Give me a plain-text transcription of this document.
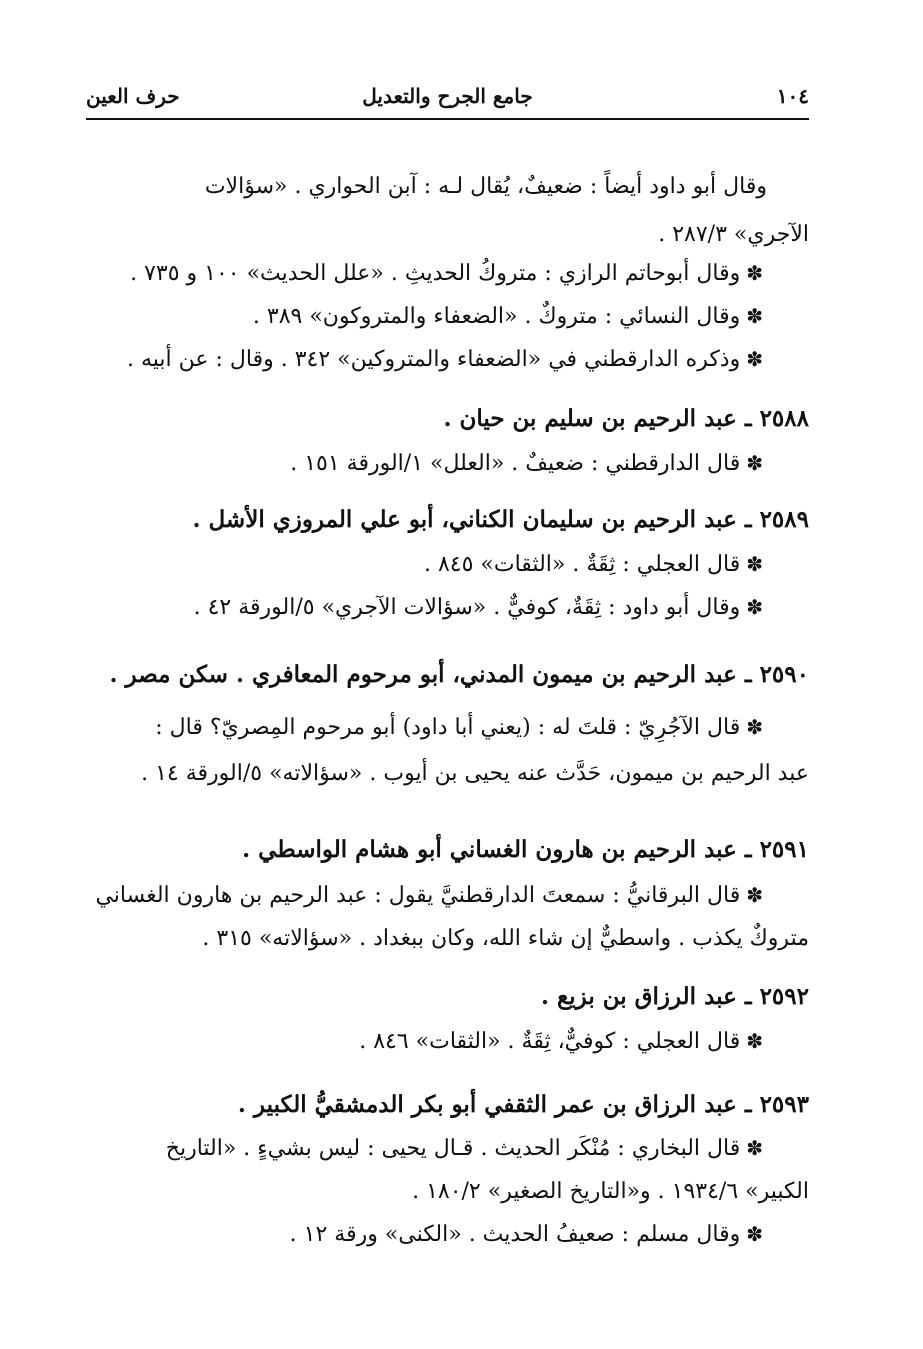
١٠٤
جامع الجرح والتعديل
حرف العين
وقال أبو داود أيضاً : ضعيفٌ، يُقال لـه : آبن الحواري . «سؤالات
الآجري» ٢٨٧/٣ .
✽وقال أبوحاتم الرازي : متروكُ الحديثِ . «علل الحديث» ١٠٠ و ٧٣٥ .
✽وقال النسائي : متروكٌ . «الضعفاء والمتروكون» ٣٨٩ .
✽وذكره الدارقطني في «الضعفاء والمتروكين» ٣٤٢ . وقال : عن أبيه .
٢٥٨٨ ـ عبد الرحيم بن سليم بن حيان .
✽قال الدارقطني : ضعيفٌ . «العلل» ١/الورقة ١٥١ .
٢٥٨٩ ـ عبد الرحيم بن سليمان الكناني، أبو علي المروزي الأشل .
✽قال العجلي : ثِقَةٌ . «الثقات» ٨٤٥ .
✽وقال أبو داود : ثِقَةٌ، كوفيٌّ . «سؤالات الآجري» ٥/الورقة ٤٢ .
٢٥٩٠ ـ عبد الرحيم بن ميمون المدني، أبو مرحوم المعافري . سكن مصر .
✽قال الآجُرِيّ : قلتَ له : (يعني أبا داود) أبو مرحوم المِصريّ؟ قال :
عبد الرحيم بن ميمون، حَدَّث عنه يحيى بن أيوب . «سؤالاته» ٥/الورقة ١٤ .
٢٥٩١ ـ عبد الرحيم بن هارون الغساني أبو هشام الواسطي .
✽قال البرقانيُّ : سمعتَ الدارقطنيَّ يقول : عبد الرحيم بن هارون الغساني
متروكٌ يكذب . واسطيٌّ إن شاء الله، وكان ببغداد . «سؤالاته» ٣١٥ .
٢٥٩٢ ـ عبد الرزاق بن بزيع .
✽قال العجلي : كوفيٌّ، ثِقَةٌ . «الثقات» ٨٤٦ .
٢٥٩٣ ـ عبد الرزاق بن عمر الثقفي أبو بكر الدمشقيُّ الكبير .
✽قال البخاري : مُنْكَر الحديث . قـال يحيى : ليس بشيءٍ . «التاريخ
الكبير» ١٩٣٤/٦ . و«التاريخ الصغير» ١٨٠/٢ .
✽وقال مسلم : صعيفُ الحديث . «الكنى» ورقة ١٢ .
